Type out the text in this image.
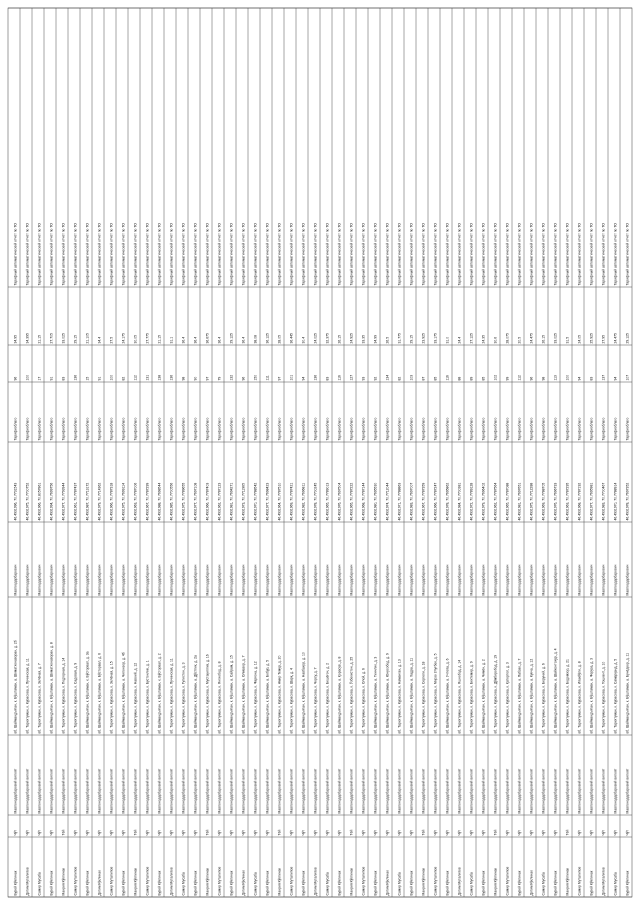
Бурей Кўклинак
Чўт
Мавлонодарбаровий вилоят
вб. Шаймандъяган, к. Бўштаман, а. Шоматхонаворан, д. 2б
Мавлоодарбарович
46.4931996, 70.7731543
Тарифиоблаго
96
34.95
Тарифный автоматический отчёт по ТО
Дотим Муталипов
Чўт
Мавлонодарбаровий вилоят
вб. Тарихтуман, к. Курасова, к. Лучинская, д. 11
Мавлоодарбарович
46.4931975, 70.7700752
Тарифиоблаго
100
34.395
Тарифный автоматический отчёт по ТО
Самир Мусаба
Чўт
Мавлонодарбаровий вилоят
вб. Тарихтуман, к. Курасова, к. Зелёная, д. 7
Мавлоодарбарович
46.4931966, 70.8057861
Тарифиоблаго
17
21.15
Тарифный автоматический отчёт по ТО
Бурей Кўклинак
Чўт
Мавлонодарбаровий вилоят
вб. Шаймандъяган, к. Бўштаман, а. Шоматхонаворан, д. 8
Мавлоодарбарович
46.4931994, 70.7699756
Тарифиоблаго
91
27.705
Тарифный автоматический отчёт по ТО
Манрия Кўклинак
Тёй
Мавлонодарбаровий вилоят
вб. Тарихтуман, к. Курасова, к. Подгорная, д. 14
Мавлоодарбарович
46.4931977, 70.7793944
Тарифиоблаго
83
33.025
Тарифный автоматический отчёт по ТО
Самир Муталипов
Чўт
Мавлонодарбаровий вилоят
вб. Тарихтуман, к. Курасова, к. Садовая, д. 9
Мавлоодарбарович
46.4931961, 70.7787437
Тарифиоблаго
136
29.15
Тарифный автоматический отчёт по ТО
Бурей Кўклинак
Чўт
Мавлонодарбаровий вилоят
вб. Шаймандъяган, к. Бўштаман, к. Бўсторвал, д. 3а
Мавлоодарбарович
46.4931987, 70.7713172
Тарифиоблаго
15
21.105
Тарифный автоматический отчёт по ТО
Дотим Кўклинак
Чўт
Мавлонодарбаровий вилоят
вб. Шаймандъяган, к. Бўштаман, а. Бўсторвал, д. 6
Мавлоодарбарович
46.4931979, 70.7714362
Тарифиоблаго
91
34.4
Тарифный автоматический отчёт по ТО
Самир Муталипов
Чўт
Мавлонодарбаровий вилоят
вб. Тарихтуман, к. Курасова, к. Зелёная, д. 15
Мавлоодарбарович
46.4931966, 70.7787318
Тарифиоблаго
100
27.5
Тарифный автоматический отчёт по ТО
Бурей Кўклинак
Чўт
Мавлонодарбаровий вилоят
вб. Шаймандъяган, к. Бўштаман, а. Чилонзор, д. 4б
Мавлоодарбарович
46.4931975, 70.7699114
Тарифиоблаго
82
24.175
Тарифный автоматический отчёт по ТО
Манрия Кўклинак
Тёй
Мавлонодарбаровий вилоят
вб. Тарихтуман, к. Курасова, к. Навоий, д. 12
Мавлоодарбарович
46.4931963, 70.7787006
Тарифиоблаго
112
30.05
Тарифный автоматический отчёт по ТО
Самир Муталипов
Чўт
Мавлонодарбаровий вилоят
вб. Тарихтуман, к. Курасова, к. Бустонлик, д. 1
Мавлоодарбарович
46.4931967, 70.7787299
Тарифиоблаго
131
27.775
Тарифный автоматический отчёт по ТО
Бурей Кўклинак
Чўт
Мавлонодарбаровий вилоят
вб. Шаймандъяган, к. Бўштаман, к. Бўсторвал, д. 2
Мавлоодарбарович
46.4931988, 70.7698544
Тарифиоблаго
138
21.15
Тарифный автоматический отчёт по ТО
Дотим Муталипов
Чўт
Мавлонодарбаровий вилоят
вб. Тарихтуман, к. Курасова, к. Лучинская, д. 11
Мавлоодарбарович
46.4931985, 70.7700556
Тарифиоблаго
136
31.1
Тарифный автоматический отчёт по ТО
Самир Мусаба
Чўт
Мавлонодарбаровий вилоят
вб. Тарихтуман, к. Курасова, к. Гулистон, д. 3
Мавлоодарбарович
46.4931975, 70.7789655
Тарифиоблаго
98
36.4
Тарифный автоматический отчёт по ТО
Бурей Кўклинак
Чўт
Мавлонодарбаровий вилоят
вб. Шаймандъяган, к. Бўштаман, а. Дўстлик, д. 2а
Мавлоодарбарович
46.4931977, 70.7697108
Тарифиоблаго
90
36.4
Тарифный автоматический отчёт по ТО
Манрия Кўклинак
Тёй
Мавлонодарбаровий вилоят
вб. Тарихтуман, к. Курасова, к. Мустақиллик, д. 16
Мавлоодарбарович
46.4931966, 70.7787403
Тарифиоблаго
97
36.675
Тарифный автоматический отчёт по ТО
Самир Муталипов
Чўт
Мавлонодарбаровий вилоят
вб. Тарихтуман, к. Курасова, к. Янгиобод, д. 8
Мавлоодарбарович
46.4931962, 70.7787123
Тарифиоблаго
79
36.4
Тарифный автоматический отчёт по ТО
Бурей Кўклинак
Чўт
Мавлонодарбаровий вилоят
вб. Шаймандъяган, к. Бўштаман, а. Сайрам, д. 15
Мавлоодарбарович
46.4931981, 70.7694271
Тарифиоблаго
132
29.125
Тарифный автоматический отчёт по ТО
Дотим Кўклинак
Чўт
Мавлонодарбаровий вилоят
вб. Шаймандъяган, к. Бўштаман, а. Олмазор, д. 7
Мавлоодарбарович
46.4931973, 70.7711965
Тарифиоблаго
96
36.4
Тарифный автоматический отчёт по ТО
Самир Мусаба
Чўт
Мавлонодарбаровий вилоят
вб. Тарихтуман, к. Курасова, к. Фарғона, д. 12
Мавлоодарбарович
46.4931970, 70.7788542
Тарифиоблаго
150
38.08
Тарифный автоматический отчёт по ТО
Бурей Кўклинак
Чўт
Мавлонодарбаровий вилоят
вб. Шаймандъяган, к. Бўштаман, а. Бобур, д. 5
Мавлоодарбарович
46.4931977, 70.7698423
Тарифиоблаго
111
36.125
Тарифный автоматический отчёт по ТО
Манрия Кўклинак
Тёй
Мавлонодарбаровий вилоят
вб. Тарихтуман, к. Курасова, к. Амир Темур, д. 20
Мавлоодарбарович
46.4931964, 70.7787510
Тарифиоблаго
97
28.05
Тарифный автоматический отчёт по ТО
Самир Муталипов
Чўт
Мавлонодарбаровий вилоят
вб. Тарихтуман, к. Курасова, к. Шарқ, д. 4
Мавлоодарбарович
46.4931969, 70.7787421
Тарифиоблаго
101
36.445
Тарифный автоматический отчёт по ТО
Бурей Кўклинак
Чўт
Мавлонодарбаровий вилоят
вб. Шаймандъяган, к. Бўштаман, а. Навбаҳор, д. 10
Мавлоодарбарович
46.4931982, 70.7696811
Тарифиоблаго
94
30.4
Тарифный автоматический отчёт по ТО
Дотим Муталипов
Чўт
Мавлонодарбаровий вилоят
вб. Тарихтуман, к. Курасова, к. Чорсу, д. 7
Мавлоодарбарович
46.4931978, 70.7700245
Тарифиоблаго
136
24.025
Тарифный автоматический отчёт по ТО
Самир Мусаба
Чўт
Мавлонодарбаровий вилоят
вб. Тарихтуман, к. Курасова, к. Бешёғоч, д. 2
Мавлоодарбарович
46.4931965, 70.7789013
Тарифиоблаго
83
32.375
Тарифный автоматический отчёт по ТО
Бурей Кўклинак
Чўт
Мавлонодарбаровий вилоят
вб. Шаймандъяган, к. Бўштаман, а. Қорасув, д. 8
Мавлоодарбарович
46.4931976, 70.7697504
Тарифиоблаго
116
26.15
Тарифный автоматический отчёт по ТО
Манрия Кўклинак
Тёй
Мавлонодарбаровий вилоят
вб. Тарихтуман, к. Курасова, к. Ўзбекистон, д. 25
Мавлоодарбарович
46.4931965, 70.7787222
Тарифиоблаго
127
24.925
Тарифный автоматический отчёт по ТО
Самир Муталипов
Чўт
Мавлонодарбаровий вилоят
вб. Тарихтуман, к. Курасова, к. Олой, д. 6
Мавлоодарбарович
46.4931968, 70.7787144
Тарифиоблаго
93
33.35
Тарифный автоматический отчёт по ТО
Бурей Кўклинак
Чўт
Мавлонодарбаровий вилоят
вб. Шаймандъяган, к. Бўштаман, а. Тинчлик, д. 3
Мавлоодарбарович
46.4931980, 70.7695530
Тарифиоблаго
92
34.99
Тарифный автоматический отчёт по ТО
Дотим Кўклинак
Чўт
Мавлонодарбаровий вилоят
вб. Шаймандъяган, к. Бўштаман, а. Юнусобод, д. 9
Мавлоодарбарович
46.4931974, 70.7712044
Тарифиоблаго
134
26.5
Тарифный автоматический отчёт по ТО
Самир Мусаба
Чўт
Мавлонодарбаровий вилоят
вб. Тарихтуман, к. Курасова, к. Наманган, д. 13
Мавлоодарбарович
46.4931971, 70.7788863
Тарифиоблаго
82
31.775
Тарифный автоматический отчёт по ТО
Бурей Кўклинак
Чўт
Мавлонодарбаровий вилоят
вб. Шаймандъяган, к. Бўштаман, а. Хадра, д. 11
Мавлоодарбарович
46.4931983, 70.7697007
Тарифиоблаго
103
29.15
Тарифный автоматический отчёт по ТО
Манрия Кўклинак
Тёй
Мавлонодарбаровий вилоят
вб. Тарихтуман, к. Курасова, к. Сергели, д. 18
Мавлоодарбарович
46.4931967, 70.7787359
Тарифиоблаго
87
23.925
Тарифный автоматический отчёт по ТО
Самир Муталипов
Чўт
Мавлонодарбаровий вилоят
вб. Тарихтуман, к. Курасова, к. Мирзо Улуғбек, д. 5
Мавлоодарбарович
46.4931966, 70.7787247
Тарифиоблаго
85
33.175
Тарифный автоматический отчёт по ТО
Бурей Кўклинак
Чўт
Мавлонодарбаровий вилоят
вб. Шаймандъяган, к. Бўштаман, а. Учтепа, д. 6
Мавлоодарбарович
46.4931978, 70.7695862
Тарифиоблаго
116
31.0
Тарифный автоматический отчёт по ТО
Дотим Муталипов
Чўт
Мавлонодарбаровий вилоят
вб. Тарихтуман, к. Курасова, к. Яшнобод, д. 14
Мавлоодарбарович
46.4931984, 70.7700381
Тарифиоблаго
88
24.4
Тарифный автоматический отчёт по ТО
Самир Мусаба
Чўт
Мавлонодарбаровий вилоят
вб. Тарихтуман, к. Курасова, к. Бектемир, д. 9
Мавлоодарбарович
46.4931972, 70.7789128
Тарифиоблаго
89
27.125
Тарифный автоматический отчёт по ТО
Бурей Кўклинак
Чўт
Мавлонодарбаровий вилоят
вб. Шаймандъяган, к. Бўштаман, а. Чимён, д. 2
Мавлоодарбарович
46.4931979, 70.7696402
Тарифиоблаго
85
24.35
Тарифный автоматический отчёт по ТО
Манрия Кўклинак
Тёй
Мавлонодарбаровий вилоят
вб. Тарихтуман, к. Курасова, к. Дўмбиробод, д. 19
Мавлоодарбарович
46.4931962, 70.7787564
Тарифиоблаго
102
30.6
Тарифный автоматический отчёт по ТО
Самир Муталипов
Чўт
Мавлонодарбаровий вилоят
вб. Тарихтуман, к. Курасова, к. Қатортол, д. 3
Мавлоодарбарович
46.4931965, 70.7787088
Тарифиоблаго
99
28.075
Тарифный автоматический отчёт по ТО
Бурей Кўклинак
Чўт
Мавлонодарбаровий вилоят
вб. Шаймандъяган, к. Бўштаман, а. Лабзак, д. 7
Мавлоодарбарович
46.4931981, 70.7697651
Тарифиоблаго
112
20.5
Тарифный автоматический отчёт по ТО
Дотим Кўклинак
Чўт
Мавлонодарбаровий вилоят
вб. Шаймандъяган, к. Бўштаман, а. Кукча, д. 12
Мавлоодарбарович
46.4931975, 70.7712288
Тарифиоблаго
96
24.475
Тарифный автоматический отчёт по ТО
Самир Мусаба
Чўт
Мавлонодарбаровий вилоят
вб. Тарихтуман, к. Курасова, к. Беруний, д. 6
Мавлоодарбарович
46.4931969, 70.7788705
Тарифиоблаго
98
26.15
Тарифный автоматический отчёт по ТО
Бурей Кўклинак
Чўт
Мавлонодарбаровий вилоят
вб. Шаймандъяган, к. Бўштаман, а. Шайхонтоҳур, д. 4
Мавлоодарбарович
46.4931976, 70.7696733
Тарифиоблаго
113
33.025
Тарифный автоматический отчёт по ТО
Манрия Кўклинак
Тёй
Мавлонодарбаровий вилоят
вб. Тарихтуман, к. Курасова, к. Бодомзор, д. 21
Мавлоодарбарович
46.4931963, 70.7787295
Тарифиоблаго
100
31.5
Тарифный автоматический отчёт по ТО
Самир Муталипов
Чўт
Мавлонодарбаровий вилоят
вб. Тарихтуман, к. Курасова, к. Ипакйўли, д. 8
Мавлоодарбарович
46.4931968, 70.7787192
Тарифиоблаго
94
24.05
Тарифный автоматический отчёт по ТО
Бурей Кўклинак
Чўт
Мавлонодарбаровий вилоят
вб. Шаймандъяган, к. Бўштаман, а. Феруза, д. 3
Мавлоодарбарович
46.4931977, 70.7695981
Тарифиоблаго
83
25.925
Тарифный автоматический отчёт по ТО
Дотим Муталипов
Чўт
Мавлонодарбаровий вилоят
вб. Тарихтуман, к. Курасова, к. Тошкент, д. 10
Мавлоодарбарович
46.4931983, 70.7700467
Тарифиоблаго
137
27.95
Тарифный автоматический отчёт по ТО
Самир Мусаба
Чўт
Мавлонодарбаровий вилоят
вб. Тарихтуман, к. Курасова, к. Самарқанд, д. 5
Мавлоодарбарович
46.4931970, 70.7788914
Тарифиоблаго
94
24.475
Тарифный автоматический отчёт по ТО
Бурей Кўклинак
Чўт
Мавлонодарбаровий вилоят
вб. Шаймандъяган, к. Бўштаман, а. Бунёдкор, д. 11
Мавлоодарбарович
46.4931978, 70.7697352
Тарифиоблаго
107
29.125
Тарифный автоматический отчёт по ТО
